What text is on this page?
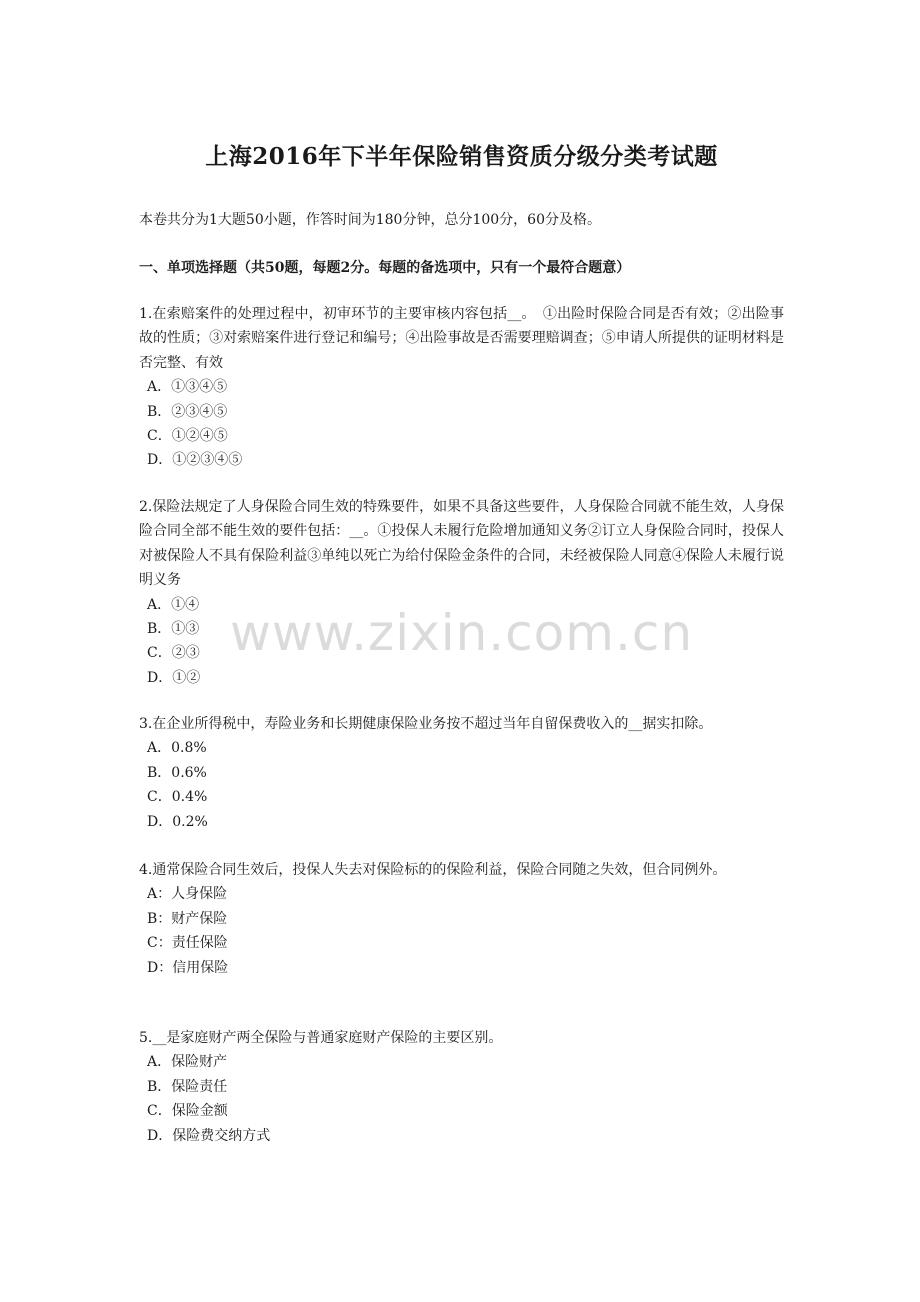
上海2016年下半年保险销售资质分级分类考试题

本卷共分为1大题50小题，作答时间为180分钟，总分100分，60分及格。

一、单项选择题（共50题，每题2分。每题的备选项中，只有一个最符合题意）

1.在索赔案件的处理过程中，初审环节的主要审核内容包括__。　①出险时保险合同是否有效；②出险事故的性质；③对索赔案件进行登记和编号；④出险事故是否需要理赔调查；⑤申请人所提供的证明材料是否完整、有效

A．①③④⑤
B．②③④⑤
C．①②④⑤
D．①②③④⑤

2.保险法规定了人身保险合同生效的特殊要件，如果不具备这些要件，人身保险合同就不能生效，人身保险合同全部不能生效的要件包括：__。①投保人未履行危险增加通知义务②订立人身保险合同时，投保人对被保险人不具有保险利益③单纯以死亡为给付保险金条件的合同，未经被保险人同意④保险人未履行说明义务

A．①④
B．①③
C．②③
D．①②

3.在企业所得税中，寿险业务和长期健康保险业务按不超过当年自留保费收入的__据实扣除。

A．0.8%
B．0.6%
C．0.4%
D．0.2%

4.通常保险合同生效后，投保人失去对保险标的的保险利益，保险合同随之失效，但合同例外。

A：人身保险
B：财产保险
C：责任保险
D：信用保险

5.__是家庭财产两全保险与普通家庭财产保险的主要区别。

A．保险财产
B．保险责任
C．保险金额
D．保险费交纳方式
www.zixin.com.cn
